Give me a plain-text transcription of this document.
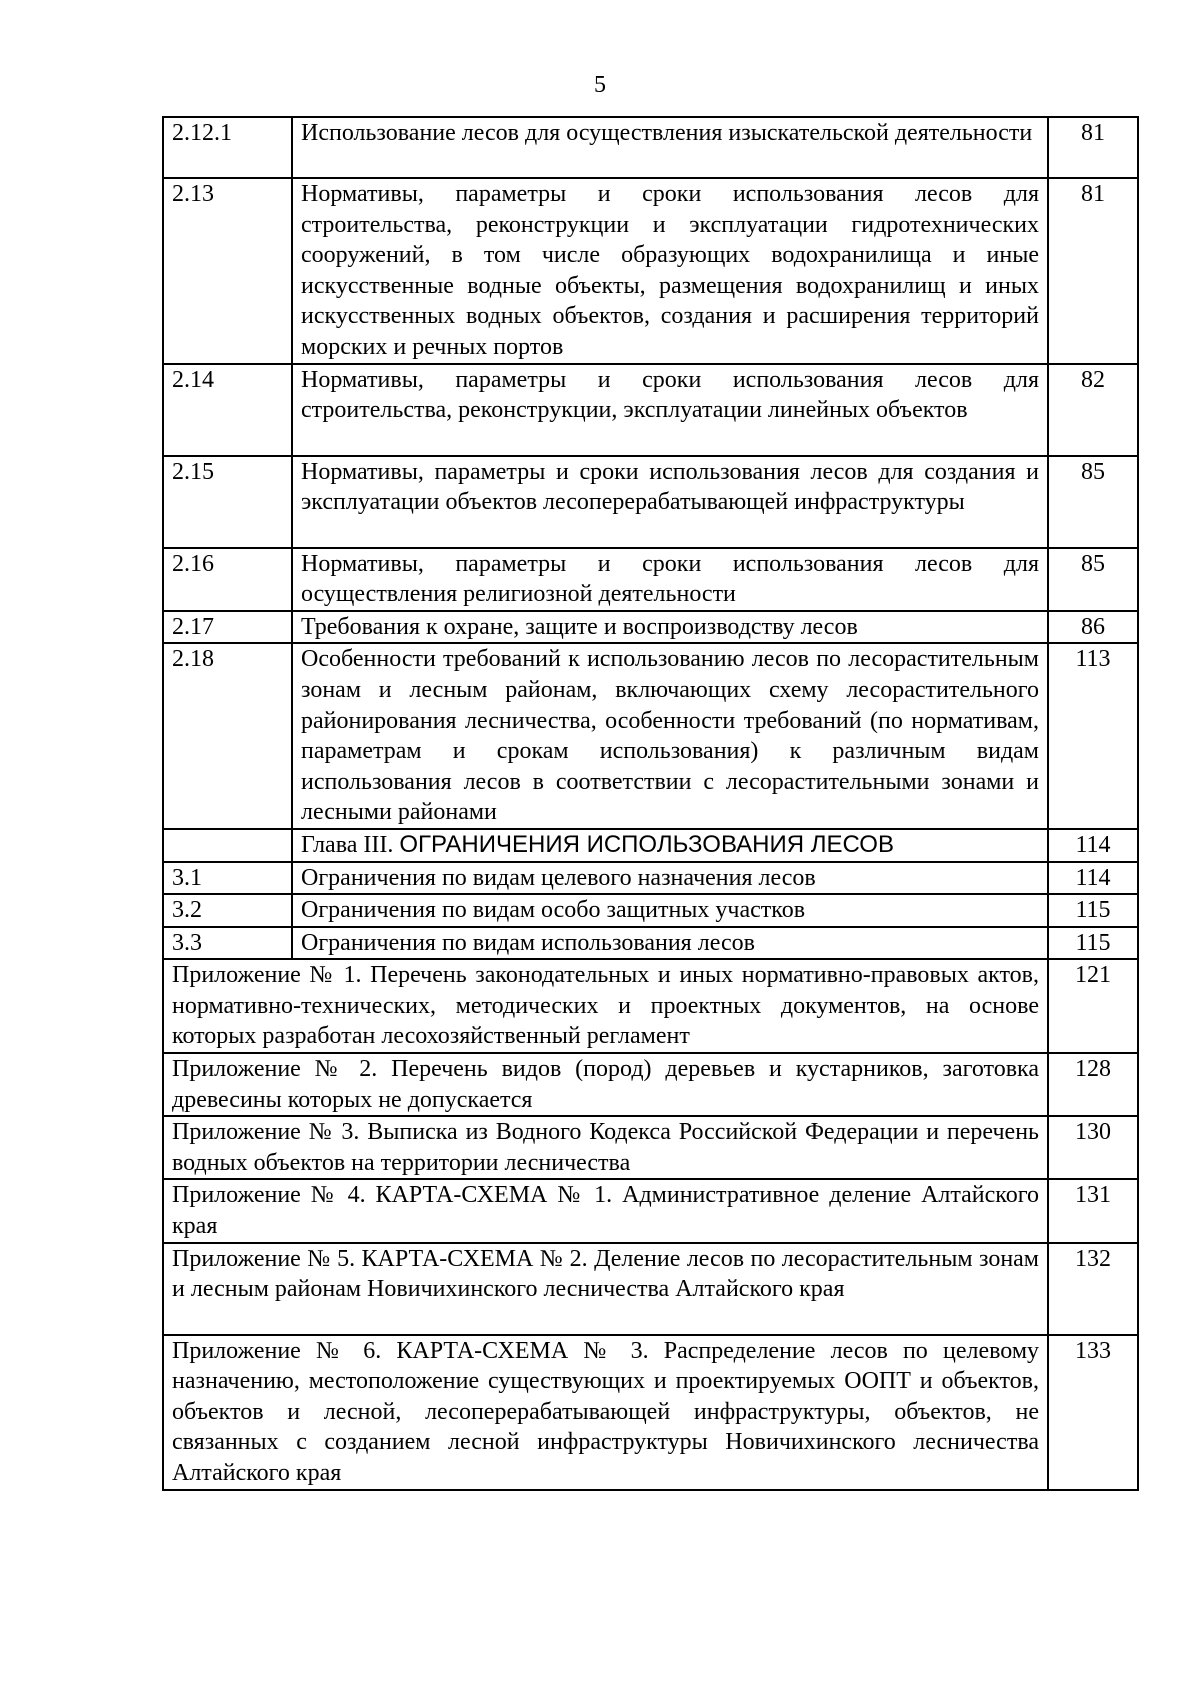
5
2.12.1	Использование лесов для осуществления изыскательской деятельности	81
2.13	Нормативы, параметры и сроки использования лесов для строительства, реконструкции и эксплуатации гидротехнических сооружений, в том числе образующих водохранилища и иные искусственные водные объекты, размещения водохранилищ и иных искусственных водных объектов, создания и расширения территорий морских и речных портов	81
2.14	Нормативы, параметры и сроки использования лесов для строительства, реконструкции, эксплуатации линейных объектов	82
2.15	Нормативы, параметры и сроки использования лесов для создания и эксплуатации объектов лесоперерабатывающей инфраструктуры	85
2.16	Нормативы, параметры и сроки использования лесов для осуществления религиозной деятельности	85
2.17	Требования к охране, защите и воспроизводству лесов	86
2.18	Особенности требований к использованию лесов по лесорастительным зонам и лесным районам, включающих схему лесорастительного районирования лесничества, особенности требований (по нормативам, параметрам и срокам использования) к различным видам использования лесов в соответствии с лесорастительными зонами и лесными районами	113
	Глава III. ОГРАНИЧЕНИЯ ИСПОЛЬЗОВАНИЯ ЛЕСОВ	114
3.1	Ограничения по видам целевого назначения лесов	114
3.2	Ограничения по видам особо защитных участков	115
3.3	Ограничения по видам использования лесов	115
Приложение № 1. Перечень законодательных и иных нормативно-правовых актов, нормативно-технических, методических и проектных документов, на основе которых разработан лесохозяйственный регламент		121
Приложение № 2. Перечень видов (пород) деревьев и кустарников, заготовка древесины которых не допускается		128
Приложение № 3. Выписка из Водного Кодекса Российской Федерации и перечень водных объектов на территории лесничества		130
Приложение № 4. КАРТА-СХЕМА № 1. Административное деление Алтайского края		131
Приложение № 5. КАРТА-СХЕМА № 2. Деление лесов по лесорастительным зонам и лесным районам Новичихинского лесничества Алтайского края		132
Приложение № 6. КАРТА-СХЕМА № 3. Распределение лесов по целевому назначению, местоположение существующих и проектируемых ООПТ и объектов, объектов и лесной, лесоперерабатывающей инфраструктуры, объектов, не связанных с созданием лесной инфраструктуры Новичихинского лесничества Алтайского края		133
